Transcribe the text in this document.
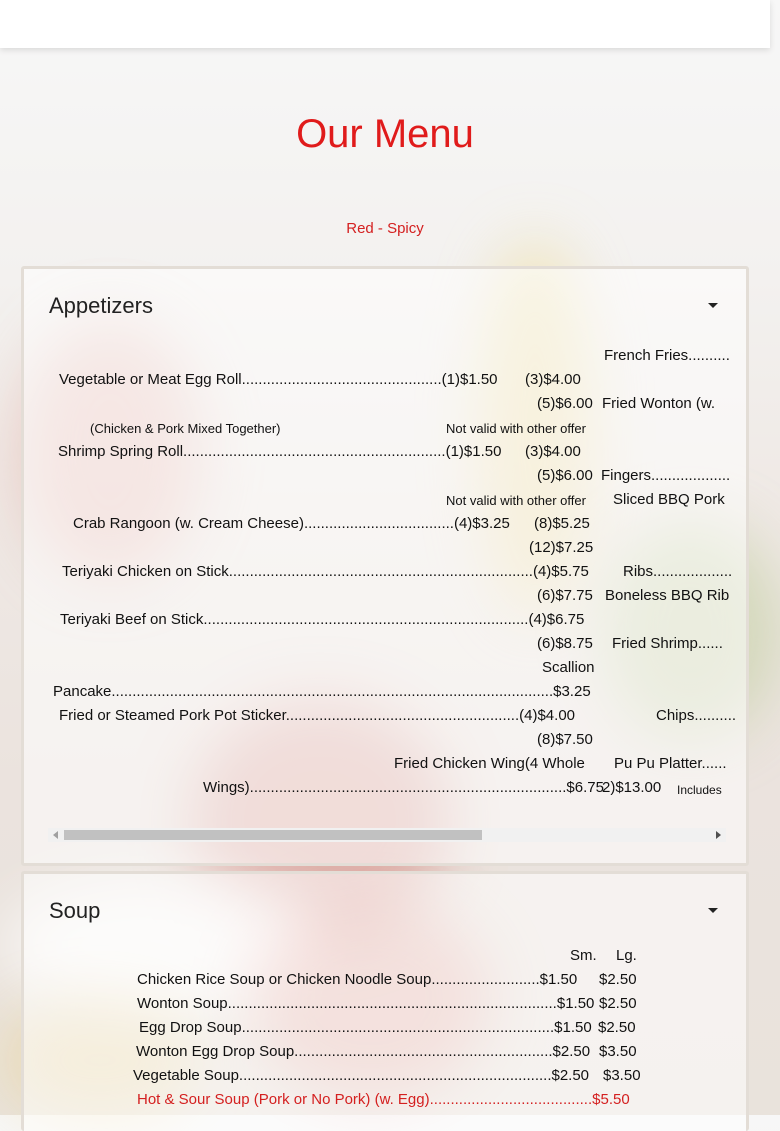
Our Menu
Red - Spicy
Appetizers
French Fries..........
Vegetable or Meat Egg Roll................................................(1)$1.50 (3)$4.00
(5)$6.00 Fried Wonton (w.
(Chicken & Pork Mixed Together)	Not valid with other offer
Shrimp Spring Roll...............................................................(1)$1.50 (3)$4.00
(5)$6.00 Fingers...................
Not valid with other offer Sliced BBQ Pork
Crab Rangoon (w. Cream Cheese)....................................(4)$3.25 (8)$5.25
(12)$7.25
Teriyaki Chicken on Stick.........................................................................(4)$5.75 Ribs...................
(6)$7.75 Boneless BBQ Rib
Teriyaki Beef on Stick..............................................................................(4)$6.75
(6)$8.75 Fried Shrimp......
Scallion
Pancake..........................................................................................................$3.25
Fried or Steamed Pork Pot Sticker........................................................(4)$4.00	Chips..........
(8)$7.50
Fried Chicken Wing(4 Whole Pu Pu Platter......
Wings)............................................................................$6.75
2)$13.00 Includes
Soup
Sm. Lg.
Chicken Rice Soup or Chicken Noodle Soup..........................$1.50 $2.50
Wonton Soup...............................................................................$1.50 $2.50
Egg Drop Soup...........................................................................$1.50 $2.50
Wonton Egg Drop Soup..............................................................$2.50 $3.50
Vegetable Soup...........................................................................$2.50 $3.50
Hot & Sour Soup (Pork or No Pork) (w. Egg).......................................$5.50
